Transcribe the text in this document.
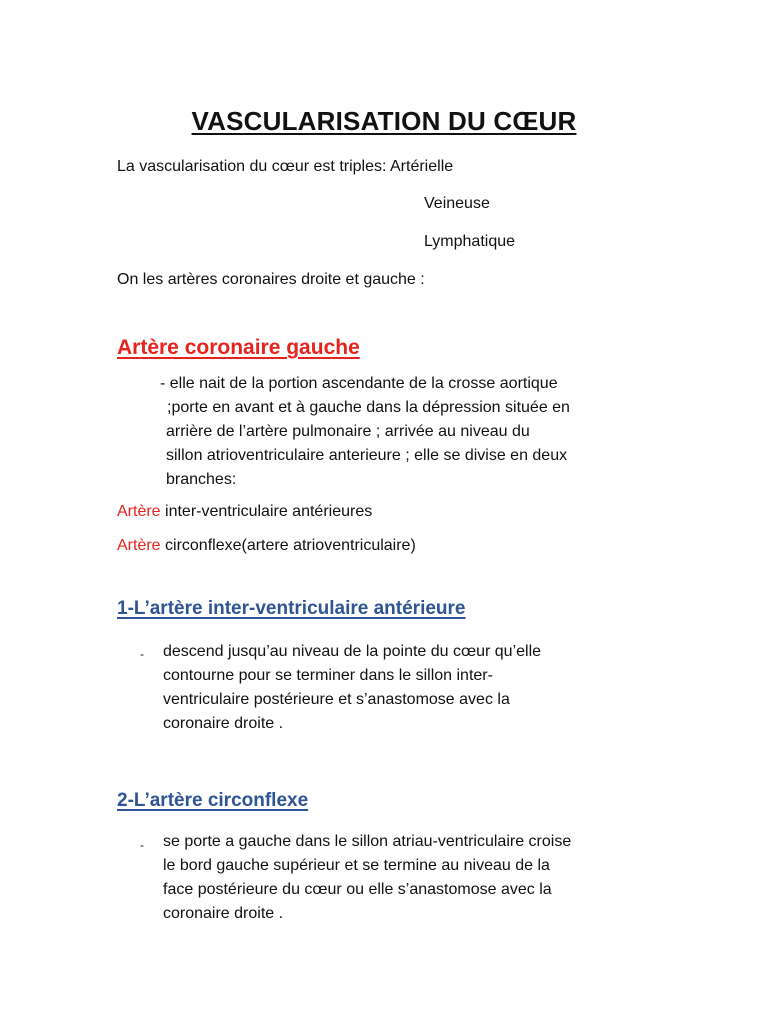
VASCULARISATION DU CŒUR
La vascularisation du cœur est triples: Artérielle
Veineuse
Lymphatique
On les artères coronaires droite et gauche :
Artère coronaire gauche
- elle nait de la portion ascendante de la crosse aortique
;porte en avant et à gauche dans la dépression située en
arrière de l’artère pulmonaire ; arrivée au niveau du
sillon atrioventriculaire anterieure ; elle se divise en deux
branches:
Artère inter-ventriculaire antérieures
Artère circonflexe(artere atrioventriculaire)
1-L’artère inter-ventriculaire antérieure
- descend jusqu’au niveau de la pointe du cœur qu’elle
contourne pour se terminer dans le sillon inter-
ventriculaire postérieure et s’anastomose avec la
coronaire droite .
2-L’artère circonflexe
- se porte a gauche dans le sillon atriau-ventriculaire croise
le bord gauche supérieur et se termine au niveau de la
face postérieure du cœur ou elle s’anastomose avec la
coronaire droite .
